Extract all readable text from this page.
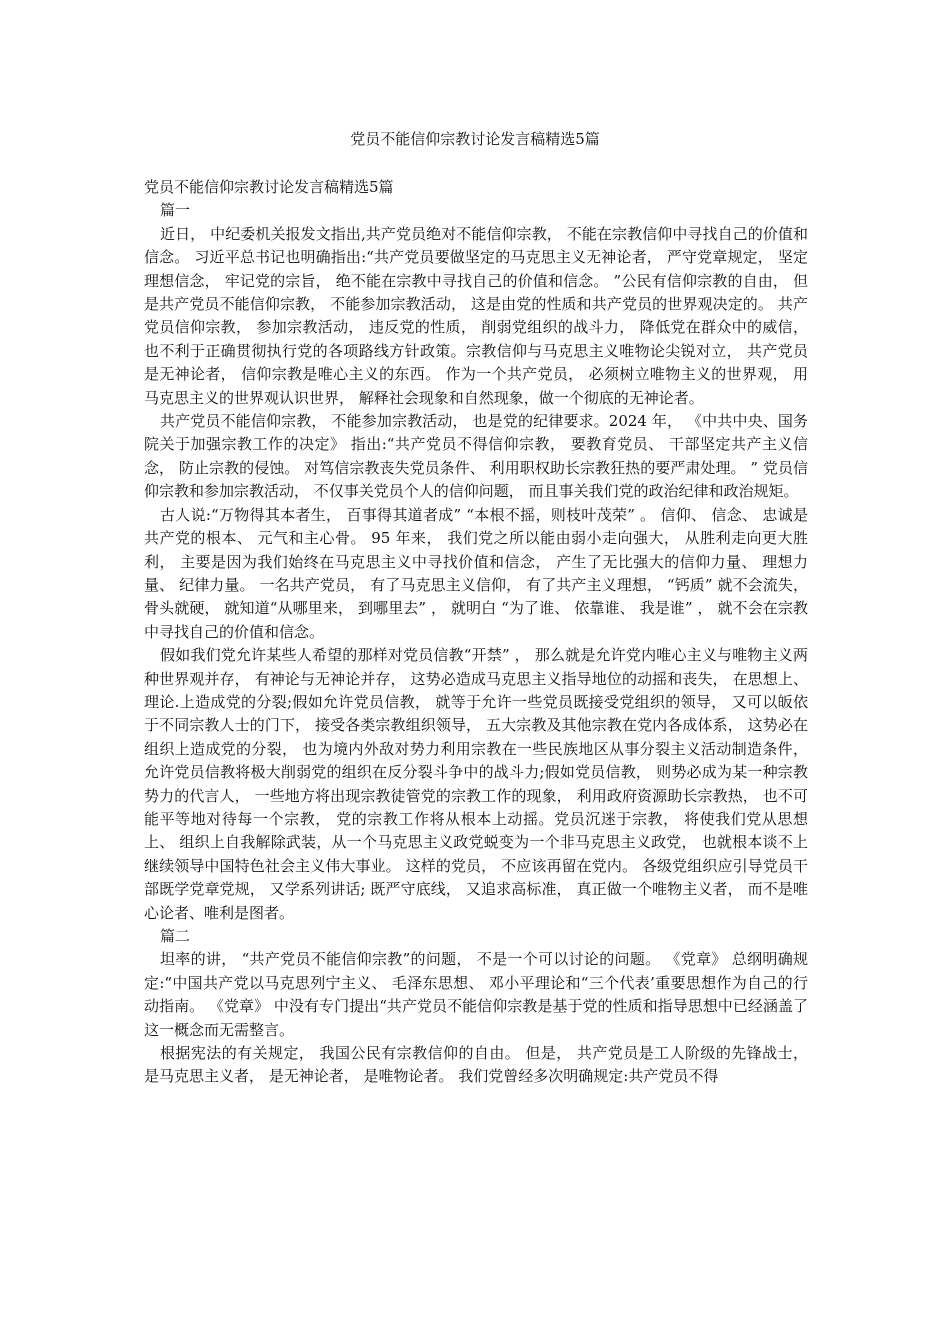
党员不能信仰宗教讨论发言稿精选5篇

党员不能信仰宗教讨论发言稿精选5篇

篇一

近日， 中纪委机关报发文指出,共产党员绝对不能信仰宗教， 不能在宗教信仰中寻找自己的价值和信念。 习近平总书记也明确指出:“共产党员要做坚定的马克思主义无神论者， 严守党章规定， 坚定理想信念， 牢记党的宗旨， 绝不能在宗教中寻找自己的价值和信念。 ”公民有信仰宗教的自由， 但是共产党员不能信仰宗教， 不能参加宗教活动， 这是由党的性质和共产党员的世界观决定的。 共产党员信仰宗教， 参加宗教活动， 违反党的性质， 削弱党组织的战斗力， 降低党在群众中的威信， 也不利于正确贯彻执行党的各项路线方针政策。宗教信仰与马克思主义唯物论尖锐对立， 共产党员是无神论者， 信仰宗教是唯心主义的东西。 作为一个共产党员， 必须树立唯物主义的世界观， 用马克思主义的世界观认识世界， 解释社会现象和自然现象，做一个彻底的无神论者。

共产党员不能信仰宗教， 不能参加宗教活动， 也是党的纪律要求。2024 年， 《中共中央、国务院关于加强宗教工作的决定》 指出:“共产党员不得信仰宗教， 要教育党员、 干部坚定共产主义信念， 防止宗教的侵蚀。 对笃信宗教丧失党员条件、 利用职权助长宗教狂热的要严肃处理。 ” 党员信仰宗教和参加宗教活动， 不仅事关党员个人的信仰问题， 而且事关我们党的政治纪律和政治规矩。

古人说:“万物得其本者生， 百事得其道者成” “本根不摇，则枝叶茂荣” 。 信仰、 信念、 忠诚是共产党的根本、 元气和主心骨。 95 年来， 我们党之所以能由弱小走向强大， 从胜利走向更大胜利， 主要是因为我们始终在马克思主义中寻找价值和信念， 产生了无比强大的信仰力量、 理想力量、 纪律力量。 一名共产党员， 有了马克思主义信仰， 有了共产主义理想， “钙质” 就不会流失， 骨头就硬， 就知道“从哪里来， 到哪里去” ， 就明白 “为了谁、 依靠谁、 我是谁” ， 就不会在宗教中寻找自己的价值和信念。

假如我们党允许某些人希望的那样对党员信教“开禁” ， 那么就是允许党内唯心主义与唯物主义两种世界观并存， 有神论与无神论并存， 这势必造成马克思主义指导地位的动摇和丧失， 在思想上、 理论.上造成党的分裂;假如允许党员信教， 就等于允许一些党员既接受党组织的领导， 又可以皈依于不同宗教人士的门下， 接受各类宗教组织领导， 五大宗教及其他宗教在党内各成体系， 这势必在组织上造成党的分裂， 也为境内外敌对势力利用宗教在一些民族地区从事分裂主义活动制造条件， 允许党员信教将极大削弱党的组织在反分裂斗争中的战斗力;假如党员信教， 则势必成为某一种宗教势力的代言人， 一些地方将出现宗教徒管党的宗教工作的现象， 利用政府资源助长宗教热， 也不可能平等地对待每一个宗教， 党的宗教工作将从根本上动摇。党员沉迷于宗教， 将使我们党从思想上、 组织上自我解除武装，从一个马克思主义政党蜕变为一个非马克思主义政党， 也就根本谈不上继续领导中国特色社会主义伟大事业。 这样的党员， 不应该再留在党内。 各级党组织应引导党员干部既学党章党规， 又学系列讲话; 既严守底线， 又追求高标准， 真正做一个唯物主义者， 而不是唯心论者、唯利是图者。

篇二

坦率的讲， “共产党员不能信仰宗教”的问题， 不是一个可以讨论的问题。 《党章》 总纲明确规定:“中国共产党以马克思列宁主义、 毛泽东思想、 邓小平理论和“三个代表’重要思想作为自己的行动指南。 《党章》 中没有专门提出“共产党员不能信仰宗教是基于党的性质和指导思想中已经涵盖了这一概念而无需整言。

根据宪法的有关规定， 我国公民有宗教信仰的自由。 但是， 共产党员是工人阶级的先锋战士， 是马克思主义者， 是无神论者， 是唯物论者。 我们党曾经多次明确规定:共产党员不得
